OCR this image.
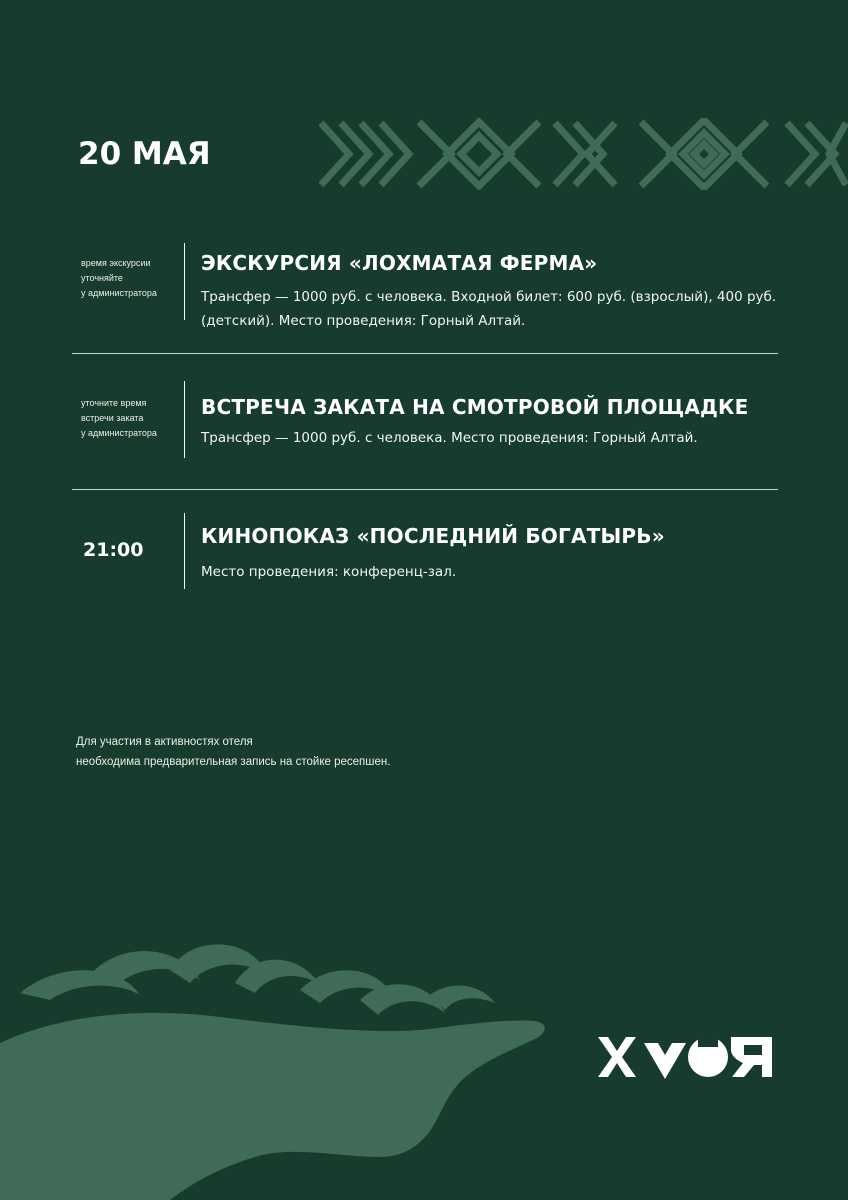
20 МАЯ
время экскурсии
уточняйте
у администратора
ЭКСКУРСИЯ «ЛОХМАТАЯ ФЕРМА»
Трансфер — 1000 руб. с человека. Входной билет: 600 руб. (взрослый), 400 руб. (детский). Место проведения: Горный Алтай.
уточните время
встречи заката
у администратора
ВСТРЕЧА ЗАКАТА НА СМОТРОВОЙ ПЛОЩАДКЕ
Трансфер — 1000 руб. с человека. Место проведения: Горный Алтай.
21:00
КИНОПОКАЗ «ПОСЛЕДНИЙ БОГАТЫРЬ»
Место проведения: конференц-зал.
Для участия в активностях отеля
необходима предварительная запись на стойке ресепшен.
